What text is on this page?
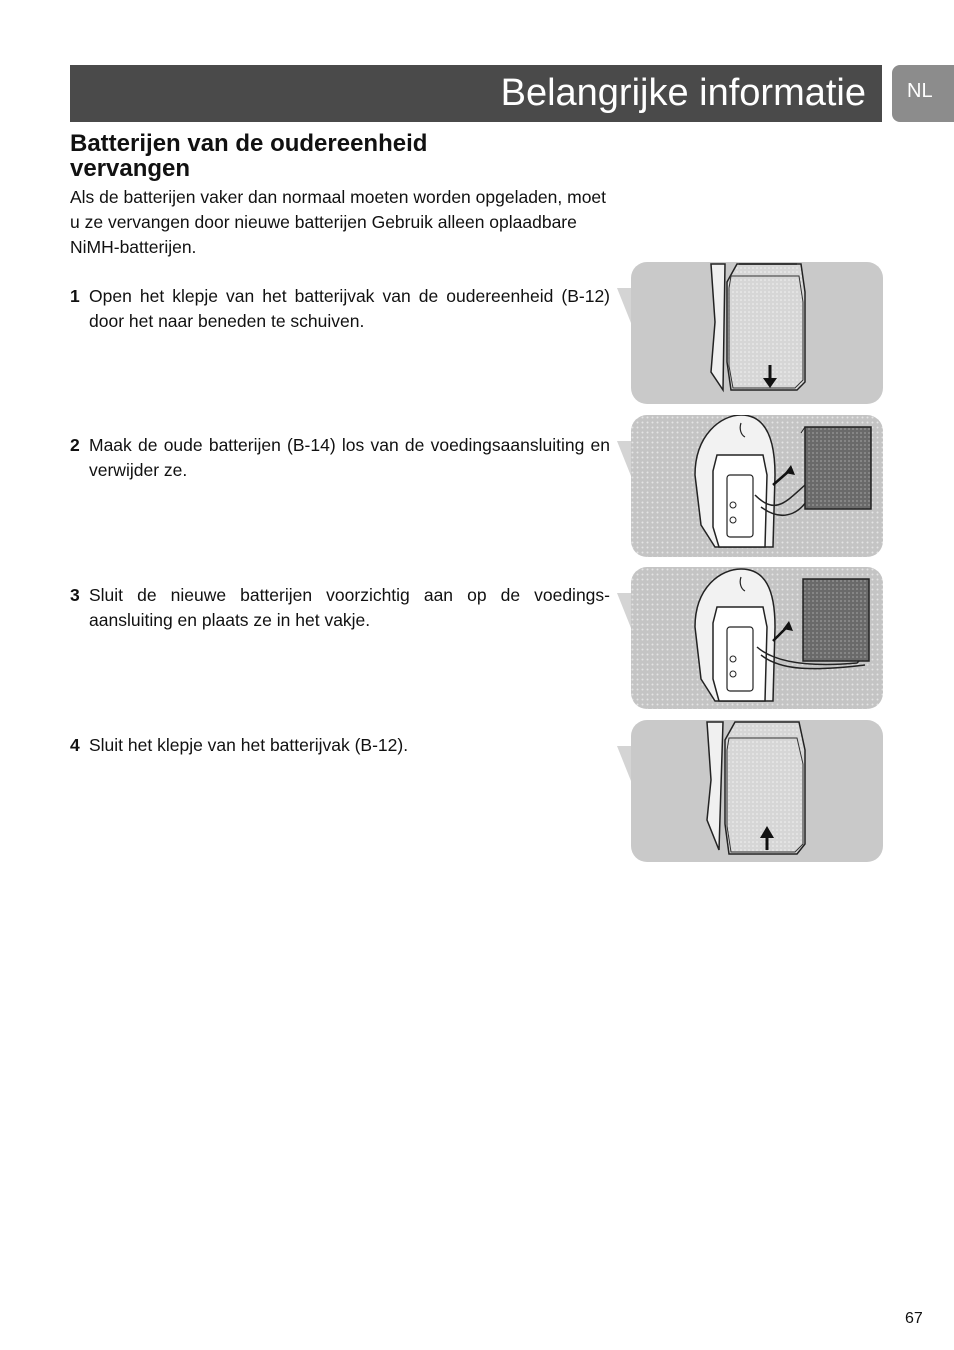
Belangrijke informatie NL
Batterijen van de oudereenheid vervangen
Als de batterijen vaker dan normaal moeten worden opgeladen, moet u ze vervangen door nieuwe batterijen Gebruik alleen oplaadbare NiMH-batterijen.
1 Open het klepje van het batterijvak van de oudereenheid (B-12) door het naar beneden te schuiven.
2 Maak de oude batterijen (B-14) los van de voedingsaansluiting en verwijder ze.
3 Sluit de nieuwe batterijen voorzichtig aan op de voedings-aansluiting en plaats ze in het vakje.
4 Sluit het klepje van het batterijvak (B-12).
67
